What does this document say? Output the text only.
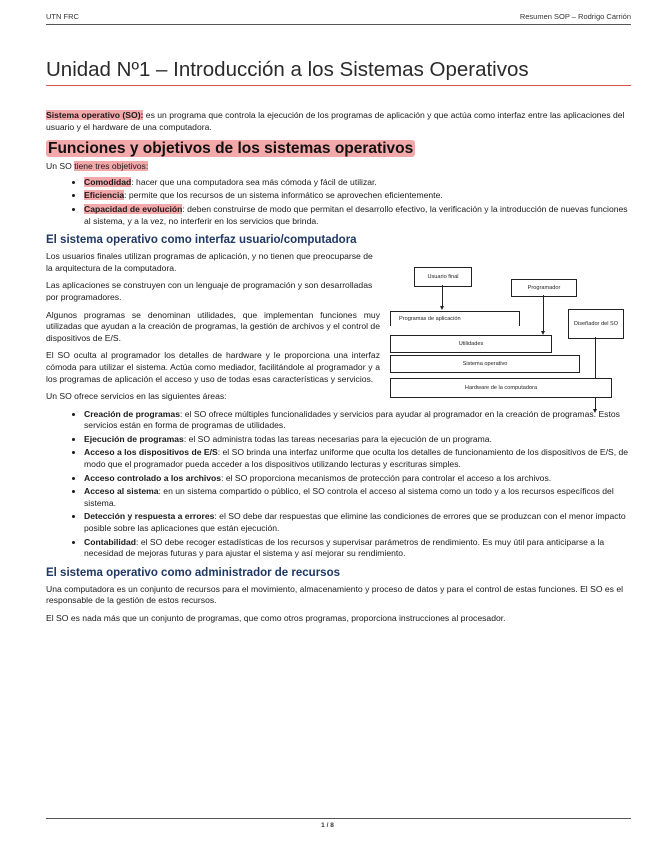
UTN FRC	Resumen SOP – Rodrigo Carrión
Unidad Nº1 – Introducción a los Sistemas Operativos

Sistema operativo (SO): es un programa que controla la ejecución de los programas de aplicación y que actúa como interfaz entre las aplicaciones del usuario y el hardware de una computadora.

Funciones y objetivos de los sistemas operativos

Un SO tiene tres objetivos:

• Comodidad: hacer que una computadora sea más cómoda y fácil de utilizar.
• Eficiencia: permite que los recursos de un sistema informático se aprovechen eficientemente.
• Capacidad de evolución: deben construirse de modo que permitan el desarrollo efectivo, la verificación y la introducción de nuevas funciones al sistema, y a la vez, no interferir en los servicios que brinda.
El sistema operativo como interfaz usuario/computadora

Los usuarios finales utilizan programas de aplicación, y no tienen que preocuparse de la arquitectura de la computadora.

Las aplicaciones se construyen con un lenguaje de programación y son desarrolladas por programadores.

Algunos programas se denominan utilidades, que implementan funciones muy utilizadas que ayudan a la creación de programas, la gestión de archivos y el control de dispositivos de E/S.

El SO oculta al programador los detalles de hardware y le proporciona una interfaz cómoda para utilizar el sistema. Actúa como mediador, facilitándole al programador y a los programas de aplicación el acceso y uso de todas esas características y servicios.

Usuario final
Programador
Diseñador del SO
Programas de aplicación
Utilidades
Sistema operativo
Hardware de la computadora

Un SO ofrece servicios en las siguientes áreas:

• Creación de programas: el SO ofrece múltiples funcionalidades y servicios para ayudar al programador en la creación de programas. Estos servicios están en forma de programas de utilidades.
• Ejecución de programas: el SO administra todas las tareas necesarias para la ejecución de un programa.
• Acceso a los dispositivos de E/S: el SO brinda una interfaz uniforme que oculta los detalles de funcionamiento de los dispositivos de E/S, de modo que el programador pueda acceder a los dispositivos utilizando lecturas y escrituras simples.
• Acceso controlado a los archivos: el SO proporciona mecanismos de protección para controlar el acceso a los archivos.
• Acceso al sistema: en un sistema compartido o público, el SO controla el acceso al sistema como un todo y a los recursos específicos del sistema.
• Detección y respuesta a errores: el SO debe dar respuestas que elimine las condiciones de errores que se produzcan con el menor impacto posible sobre las aplicaciones que están ejecución.
• Contabilidad: el SO debe recoger estadísticas de los recursos y supervisar parámetros de rendimiento. Es muy útil para anticiparse a la necesidad de mejoras futuras y para ajustar el sistema y así mejorar su rendimiento.
El sistema operativo como administrador de recursos

Una computadora es un conjunto de recursos para el movimiento, almacenamiento y proceso de datos y para el control de estas funciones. El SO es el responsable de la gestión de estos recursos.

El SO es nada más que un conjunto de programas, que como otros programas, proporciona instrucciones al procesador.

1 / 8
